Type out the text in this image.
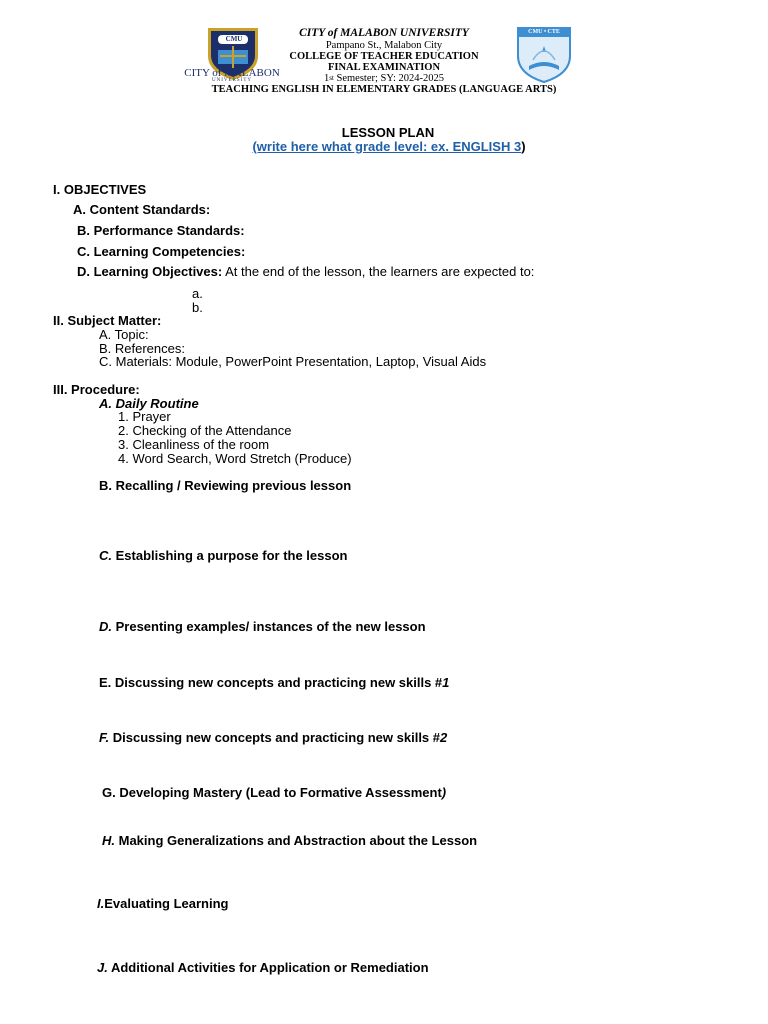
CMU
CITY of MALABON
UNIVERSITY
CMU • CTE
CITY of MALABON UNIVERSITY
Pampano St., Malabon City
COLLEGE OF TEACHER EDUCATION
FINAL EXAMINATION
1st Semester; SY: 2024-2025
TEACHING ENGLISH IN ELEMENTARY GRADES (LANGUAGE ARTS)
LESSON PLAN
(write here what grade level: ex. ENGLISH 3)
I. OBJECTIVES
A. Content Standards:
B. Performance Standards:
C. Learning Competencies:
D. Learning Objectives: At the end of the lesson, the learners are expected to:
a.
b.
II. Subject Matter:
A. Topic:
B. References:
C. Materials: Module, PowerPoint Presentation, Laptop, Visual Aids
III. Procedure:
A. Daily Routine
1. Prayer
2. Checking of the Attendance
3. Cleanliness of the room
4. Word Search, Word Stretch (Produce)
B. Recalling / Reviewing previous lesson
C. Establishing a purpose for the lesson
D. Presenting examples/ instances of the new lesson
E. Discussing new concepts and practicing new skills #1
F. Discussing new concepts and practicing new skills #2
G. Developing Mastery (Lead to Formative Assessment)
H. Making Generalizations and Abstraction about the Lesson
I.Evaluating Learning
J. Additional Activities for Application or Remediation
